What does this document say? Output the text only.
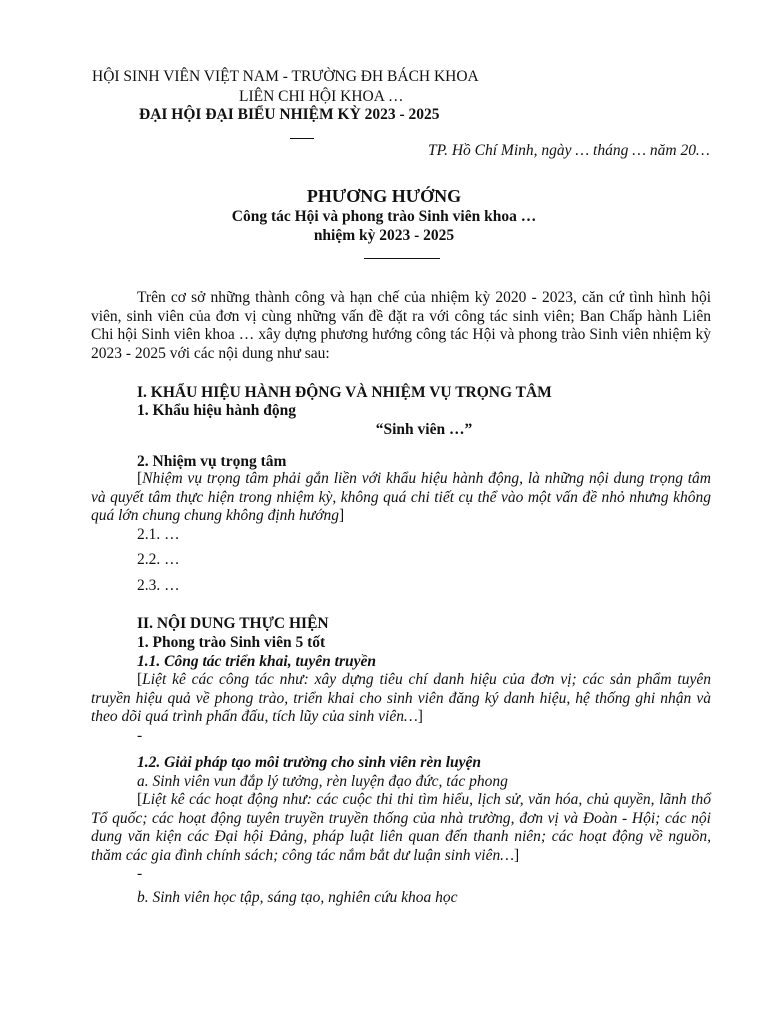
HỘI SINH VIÊN VIỆT NAM - TRƯỜNG ĐH BÁCH KHOA
LIÊN CHI HỘI KHOA …
ĐẠI HỘI ĐẠI BIỂU NHIỆM KỲ 2023 - 2025
TP. Hồ Chí Minh, ngày … tháng … năm 20…
PHƯƠNG HƯỚNG
Công tác Hội và phong trào Sinh viên khoa …
nhiệm kỳ 2023 - 2025
Trên cơ sở những thành công và hạn chế của nhiệm kỳ 2020 - 2023, căn cứ tình hình hội viên, sinh viên của đơn vị cùng những vấn đề đặt ra với công tác sinh viên; Ban Chấp hành Liên Chi hội Sinh viên khoa … xây dựng phương hướng công tác Hội và phong trào Sinh viên nhiệm kỳ 2023 - 2025 với các nội dung như sau:
I. KHẨU HIỆU HÀNH ĐỘNG VÀ NHIỆM VỤ TRỌNG TÂM
1. Khẩu hiệu hành động
“Sinh viên …”
2. Nhiệm vụ trọng tâm
[Nhiệm vụ trọng tâm phải gắn liền với khẩu hiệu hành động, là những nội dung trọng tâm và quyết tâm thực hiện trong nhiệm kỳ, không quá chi tiết cụ thể vào một vấn đề nhỏ nhưng không quá lớn chung chung không định hướng]
2.1. …
2.2. …
2.3. …
II. NỘI DUNG THỰC HIỆN
1. Phong trào Sinh viên 5 tốt
1.1. Công tác triển khai, tuyên truyền
[Liệt kê các công tác như: xây dựng tiêu chí danh hiệu của đơn vị; các sản phẩm tuyên truyền hiệu quả về phong trào, triển khai cho sinh viên đăng ký danh hiệu, hệ thống ghi nhận và theo dõi quá trình phấn đấu, tích lũy của sinh viên…]
-
1.2. Giải pháp tạo môi trường cho sinh viên rèn luyện
a. Sinh viên vun đắp lý tưởng, rèn luyện đạo đức, tác phong
[Liệt kê các hoạt động như: các cuộc thi thi tìm hiểu, lịch sử, văn hóa, chủ quyền, lãnh thổ Tổ quốc; các hoạt động tuyên truyền truyền thống của nhà trường, đơn vị và Đoàn - Hội; các nội dung văn kiện các Đại hội Đảng, pháp luật liên quan đến thanh niên; các hoạt động về nguồn, thăm các gia đình chính sách; công tác nắm bắt dư luận sinh viên…]
-
b. Sinh viên học tập, sáng tạo, nghiên cứu khoa học
